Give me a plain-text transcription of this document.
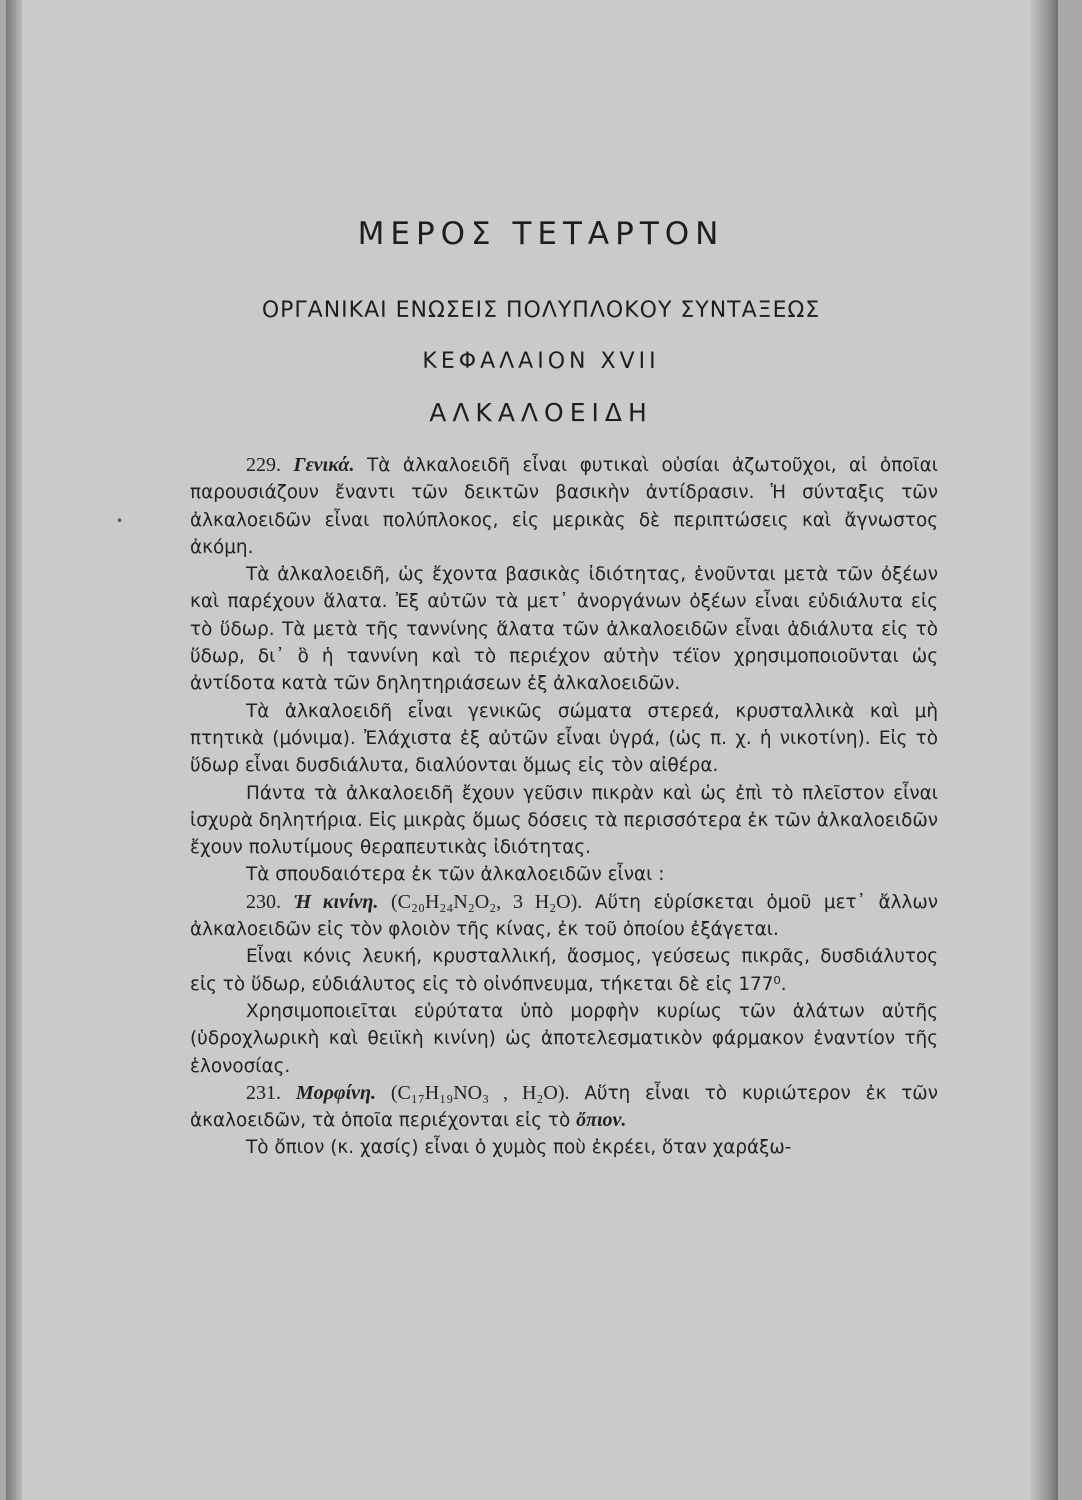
ΜΕΡΟΣ ΤΕΤΑΡΤΟΝ
ΟΡΓΑΝΙΚΑΙ ΕΝΩΣΕΙΣ ΠΟΛΥΠΛΟΚΟΥ ΣΥΝΤΑΞΕΩΣ
ΚΕΦΑΛΑΙΟΝ XVII
ΑΛΚΑΛΟΕΙΔΗ
•

229. Γενικά. Τὰ ἀλκαλοειδῆ εἶναι φυτικαὶ οὐσίαι ἀζωτοῦχοι, αἱ ὁποῖαι παρουσιάζουν ἔναντι τῶν δεικτῶν βασικὴν ἀντίδρασιν. Ἡ σύνταξις τῶν ἀλκαλοειδῶν εἶναι πολύπλοκος, εἰς μερικὰς δὲ περιπτώσεις καὶ ἄγνωστος ἀκόμη.

Τὰ ἀλκαλοειδῆ, ὡς ἔχοντα βασικὰς ἰδιότητας, ἑνοῦνται μετὰ τῶν ὀξέων καὶ παρέχουν ἅλατα. Ἐξ αὐτῶν τὰ μετ᾽ ἀνοργάνων ὀξέων εἶναι εὐδιάλυτα εἰς τὸ ὕδωρ. Τὰ μετὰ τῆς ταννίνης ἅλατα τῶν ἀλκαλοειδῶν εἶναι ἀδιάλυτα εἰς τὸ ὕδωρ, δι᾽ ὃ ἡ ταννίνη καὶ τὸ περιέχον αὐτὴν τέϊον χρησιμοποιοῦνται ὡς ἀντίδοτα κατὰ τῶν δηλητηριάσεων ἐξ ἀλκαλοειδῶν.

Τὰ ἀλκαλοειδῆ εἶναι γενικῶς σώματα στερεά, κρυσταλλικὰ καὶ μὴ πτητικὰ (μόνιμα). Ἐλάχιστα ἐξ αὐτῶν εἶναι ὑγρά, (ὡς π. χ. ἡ νικοτίνη). Εἰς τὸ ὕδωρ εἶναι δυσδιάλυτα, διαλύονται ὅμως εἰς τὸν αἰθέρα.

Πάντα τὰ ἀλκαλοειδῆ ἔχουν γεῦσιν πικρὰν καὶ ὡς ἐπὶ τὸ πλεῖστον εἶναι ἰσχυρὰ δηλητήρια. Εἰς μικρὰς ὅμως δόσεις τὰ περισσότερα ἐκ τῶν ἀλκαλοειδῶν ἔχουν πολυτίμους θεραπευτικὰς ἰδιότητας.

Τὰ σπουδαιότερα ἐκ τῶν ἀλκαλοειδῶν εἶναι :

230. Ἡ κινίνη. (C₂₀H₂₄N₂O₂, 3 H₂O). Αὕτη εὑρίσκεται ὁμοῦ μετ᾽ ἄλλων ἀλκαλοειδῶν εἰς τὸν φλοιὸν τῆς κίνας, ἐκ τοῦ ὁποίου ἐξάγεται.

Εἶναι κόνις λευκή, κρυσταλλική, ἄοσμος, γεύσεως πικρᾶς, δυσδιάλυτος εἰς τὸ ὕδωρ, εὐδιάλυτος εἰς τὸ οἰνόπνευμα, τήκεται δὲ εἰς 177⁰.

Χρησιμοποιεῖται εὐρύτατα ὑπὸ μορφὴν κυρίως τῶν ἁλάτων αὐτῆς (ὑδροχλωρικὴ καὶ θειϊκὴ κινίνη) ὡς ἀποτελεσματικὸν φάρμακον ἐναντίον τῆς ἑλονοσίας.

231. Μορφίνη. (C₁₇H₁₉NO₃ , H₂O). Αὕτη εἶναι τὸ κυριώτερον ἐκ τῶν ἀκαλοειδῶν, τὰ ὁποῖα περιέχονται εἰς τὸ ὄπιον.

Τὸ ὄπιον (κ. χασίς) εἶναι ὁ χυμὸς ποὺ ἐκρέει, ὅταν χαράξω-
